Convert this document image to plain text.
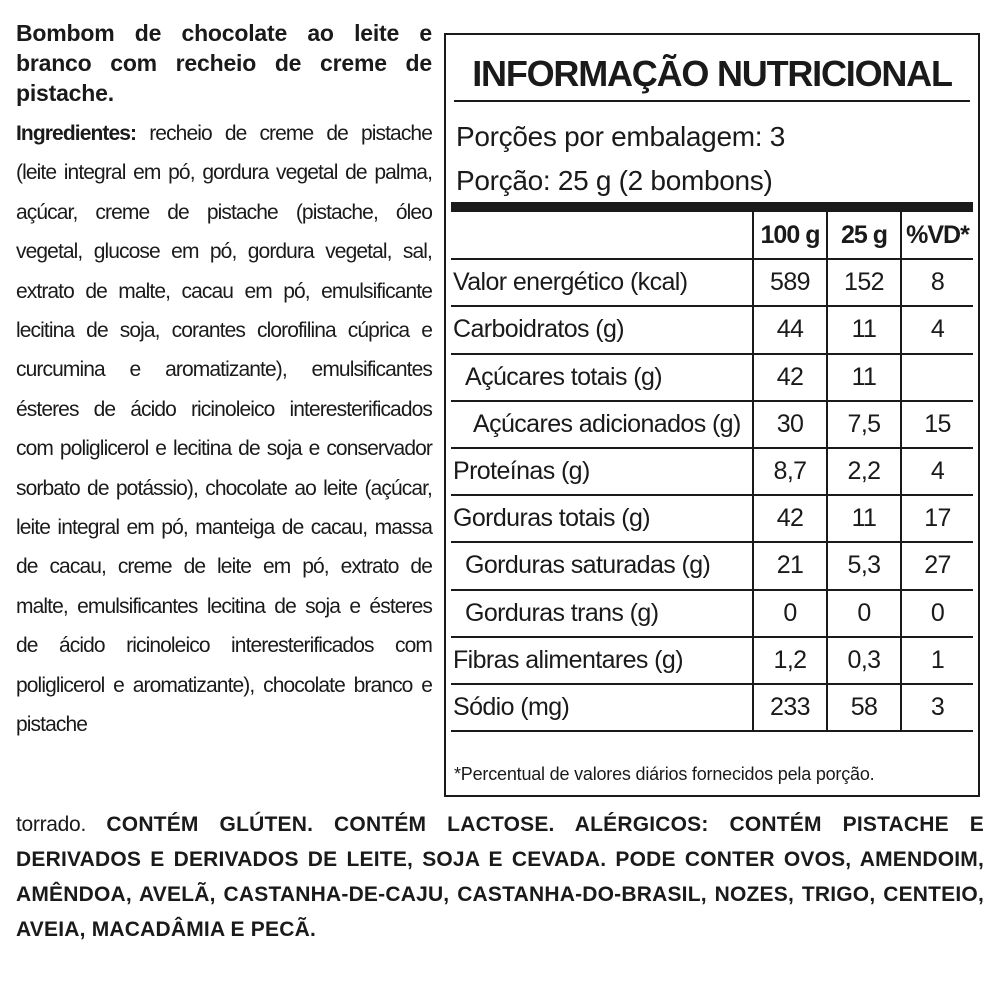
Bombom de chocolate ao leite e branco com recheio de creme de pistache.

Ingredientes: recheio de creme de pistache (leite integral em pó, gordura vegetal de palma, açúcar, creme de pistache (pistache, óleo vegetal, glucose em pó, gordura vegetal, sal, extrato de malte, cacau em pó, emulsificante lecitina de soja, corantes clorofilina cúprica e curcumina e aromatizante), emulsificantes ésteres de ácido ricinoleico interesterificados com poliglicerol e lecitina de soja e conservador sorbato de potássio), chocolate ao leite (açúcar, leite integral em pó, manteiga de cacau, massa de cacau, creme de leite em pó, extrato de malte, emulsificantes lecitina de soja e ésteres de ácido ricinoleico interesterificados com poliglicerol e aromatizante), chocolate branco e pistache

torrado. CONTÉM GLÚTEN. CONTÉM LACTOSE. ALÉRGICOS: CONTÉM PISTACHE E DERIVADOS E DERIVADOS DE LEITE, SOJA E CEVADA. PODE CONTER OVOS, AMENDOIM, AMÊNDOA, AVELÃ, CASTANHA-DE-CAJU, CASTANHA-DO-BRASIL, NOZES, TRIGO, CENTEIO, AVEIA, MACADÂMIA E PECÃ.

INFORMAÇÃO NUTRICIONAL
Porções por embalagem: 3
Porção: 25 g (2 bombons)
	100 g	25 g	%VD*
Valor energético (kcal)	589	152	8
Carboidratos (g)	44	11	4
Açúcares totais (g)	42	11	
Açúcares adicionados (g)	30	7,5	15
Proteínas (g)	8,7	2,2	4
Gorduras totais (g)	42	11	17
Gorduras saturadas (g)	21	5,3	27
Gorduras trans (g)	0	0	0
Fibras alimentares (g)	1,2	0,3	1
Sódio (mg)	233	58	3
*Percentual de valores diários fornecidos pela porção.
